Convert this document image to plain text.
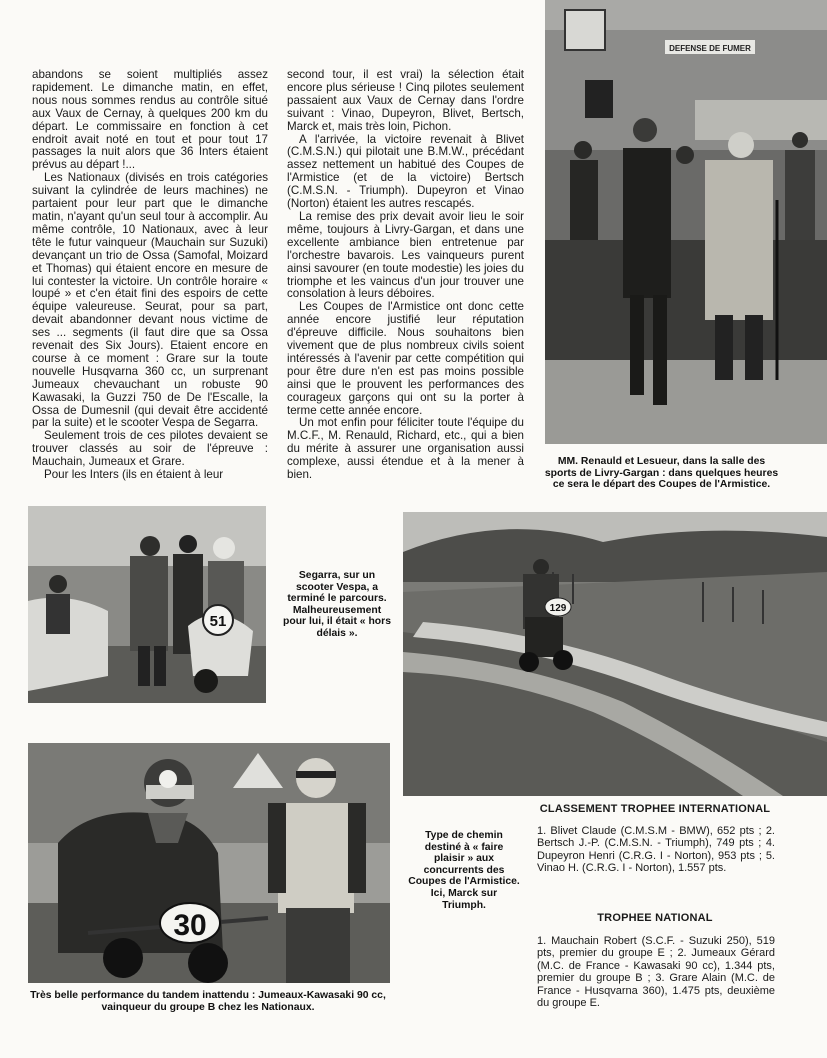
abandons se soient multipliés assez rapidement. Le dimanche matin, en effet, nous nous sommes rendus au contrôle situé aux Vaux de Cernay, à quelques 200 km du départ. Le commissaire en fonction à cet endroit avait noté en tout et pour tout 17 passages la nuit alors que 36 Inters étaient prévus au départ !...

Les Nationaux (divisés en trois catégories suivant la cylindrée de leurs machines) ne partaient pour leur part que le dimanche matin, n'ayant qu'un seul tour à accomplir. Au même contrôle, 10 Nationaux, avec à leur tête le futur vainqueur (Mauchain sur Suzuki) devançant un trio de Ossa (Samofal, Moizard et Thomas) qui étaient encore en mesure de lui contester la victoire. Un contrôle horaire « loupé » et c'en était fini des espoirs de cette équipe valeureuse. Seurat, pour sa part, devait abandonner devant nous victime de ses ... segments (il faut dire que sa Ossa revenait des Six Jours). Etaient encore en course à ce moment : Grare sur la toute nouvelle Husqvarna 360 cc, un surprenant Jumeaux chevauchant un robuste 90 Kawasaki, la Guzzi 750 de De l'Escalle, la Ossa de Dumesnil (qui devait être accidenté par la suite) et le scooter Vespa de Segarra.

Seulement trois de ces pilotes devaient se trouver classés au soir de l'épreuve : Mauchain, Jumeaux et Grare.

Pour les Inters (ils en étaient à leur

second tour, il est vrai) la sélection était encore plus sérieuse ! Cinq pilotes seulement passaient aux Vaux de Cernay dans l'ordre suivant : Vinao, Dupeyron, Blivet, Bertsch, Marck et, mais très loin, Pichon.

A l'arrivée, la victoire revenait à Blivet (C.M.S.N.) qui pilotait une B.M.W., précédant assez nettement un habitué des Coupes de l'Armistice (et de la victoire) Bertsch (C.M.S.N. - Triumph). Dupeyron et Vinao (Norton) étaient les autres rescapés.

La remise des prix devait avoir lieu le soir même, toujours à Livry-Gargan, et dans une excellente ambiance bien entretenue par l'orchestre bavarois. Les vainqueurs purent ainsi savourer (en toute modestie) les joies du triomphe et les vaincus d'un jour trouver une consolation à leurs déboires.

Les Coupes de l'Armistice ont donc cette année encore justifié leur réputation d'épreuve difficile. Nous souhaitons bien vivement que de plus nombreux civils soient intéressés à l'avenir par cette compétition qui pour être dure n'en est pas moins possible ainsi que le prouvent les performances des courageux garçons qui ont su la porter à terme cette année encore.

Un mot enfin pour féliciter toute l'équipe du M.C.F., M. Renauld, Richard, etc., qui a bien du mérite à assurer une organisation aussi complexe, aussi étendue et à la mener à bien.

DEFENSE DE FUMER
MM. Renauld et Lesueur, dans la salle des sports de Livry-Gargan : dans quelques heures ce sera le départ des Coupes de l'Armistice.
51
Segarra, sur un scooter Vespa, a terminé le parcours. Malheureusement pour lui, il était « hors délais ».
129
Type de chemin destiné à « faire plaisir » aux concurrents des Coupes de l'Armistice. Ici, Marck sur Triumph.
30
Très belle performance du tandem inattendu : Jumeaux-Kawasaki 90 cc, vainqueur du groupe B chez les Nationaux.
CLASSEMENT TROPHEE INTERNATIONAL
1. Blivet Claude (C.M.S.M - BMW), 652 pts ; 2. Bertsch J.-P. (C.M.S.N. - Triumph), 749 pts ; 4. Dupeyron Henri (C.R.G. I - Norton), 953 pts ; 5. Vinao H. (C.R.G. I - Norton), 1.557 pts.
TROPHEE NATIONAL
1. Mauchain Robert (S.C.F. - Suzuki 250), 519 pts, premier du groupe E ; 2. Jumeaux Gérard (M.C. de France - Kawasaki 90 cc), 1.344 pts, premier du groupe B ; 3. Grare Alain (M.C. de France - Husqvarna 360), 1.475 pts, deuxième du groupe E.
